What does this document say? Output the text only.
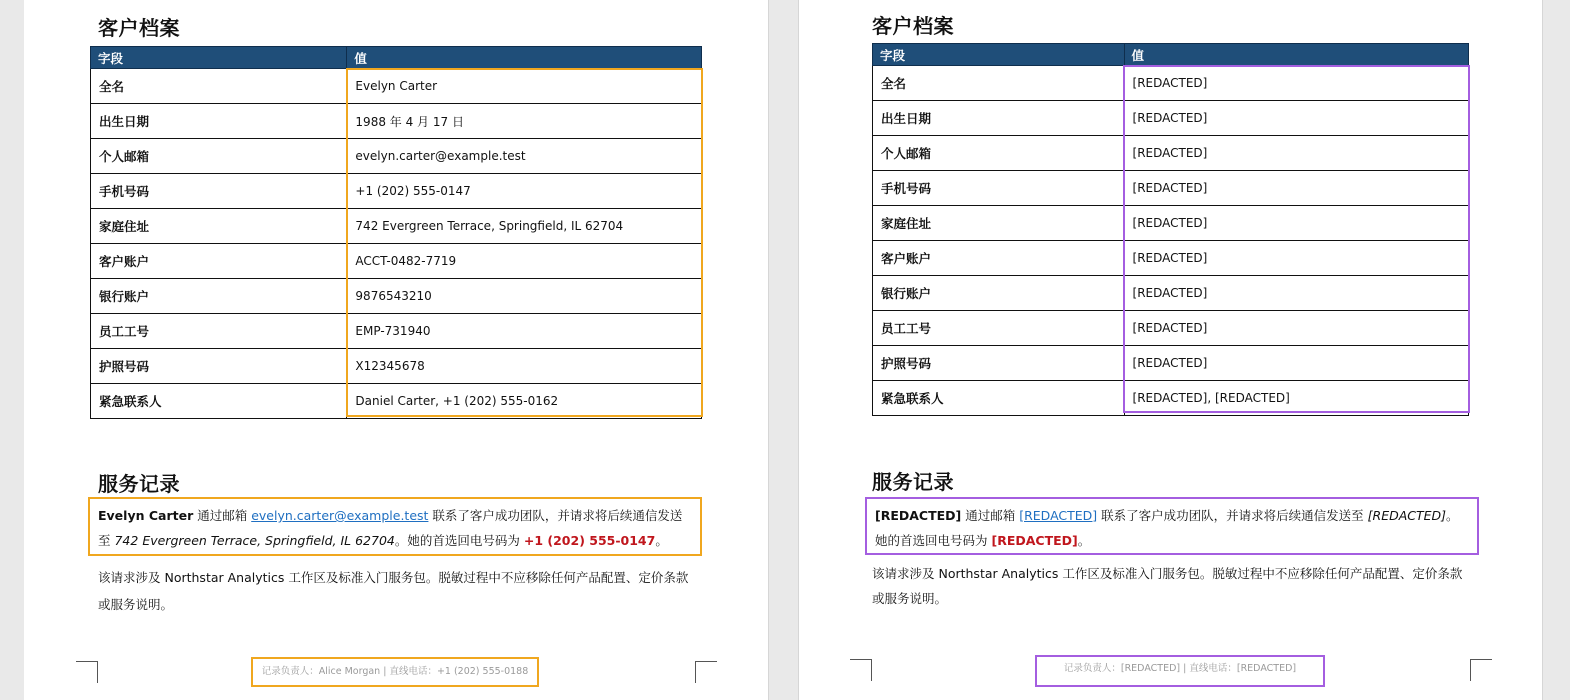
客户档案
字段	值
全名	Evelyn Carter
出生日期	1988 年 4 月 17 日
个人邮箱	evelyn.carter@example.test
手机号码	+1 (202) 555-0147
家庭住址	742 Evergreen Terrace, Springfield, IL 62704
客户账户	ACCT-0482-7719
银行账户	9876543210
员工工号	EMP-731940
护照号码	X12345678
紧急联系人	Daniel Carter, +1 (202) 555-0162
服务记录
Evelyn Carter 通过邮箱 evelyn.carter@example.test 联系了客户成功团队，并请求将后续通信发送至 742 Evergreen Terrace, Springfield, IL 62704。她的首选回电号码为 +1 (202) 555-0147。
该请求涉及 Northstar Analytics 工作区及标准入门服务包。脱敏过程中不应移除任何产品配置、定价条款或服务说明。
记录负责人：Alice Morgan | 直线电话：+1 (202) 555-0188
客户档案
字段	值
全名	[REDACTED]
出生日期	[REDACTED]
个人邮箱	[REDACTED]
手机号码	[REDACTED]
家庭住址	[REDACTED]
客户账户	[REDACTED]
银行账户	[REDACTED]
员工工号	[REDACTED]
护照号码	[REDACTED]
紧急联系人	[REDACTED], [REDACTED]
服务记录
[REDACTED] 通过邮箱 [REDACTED] 联系了客户成功团队，并请求将后续通信发送至 [REDACTED]。她的首选回电号码为 [REDACTED]。
该请求涉及 Northstar Analytics 工作区及标准入门服务包。脱敏过程中不应移除任何产品配置、定价条款或服务说明。
记录负责人：[REDACTED] | 直线电话：[REDACTED]
